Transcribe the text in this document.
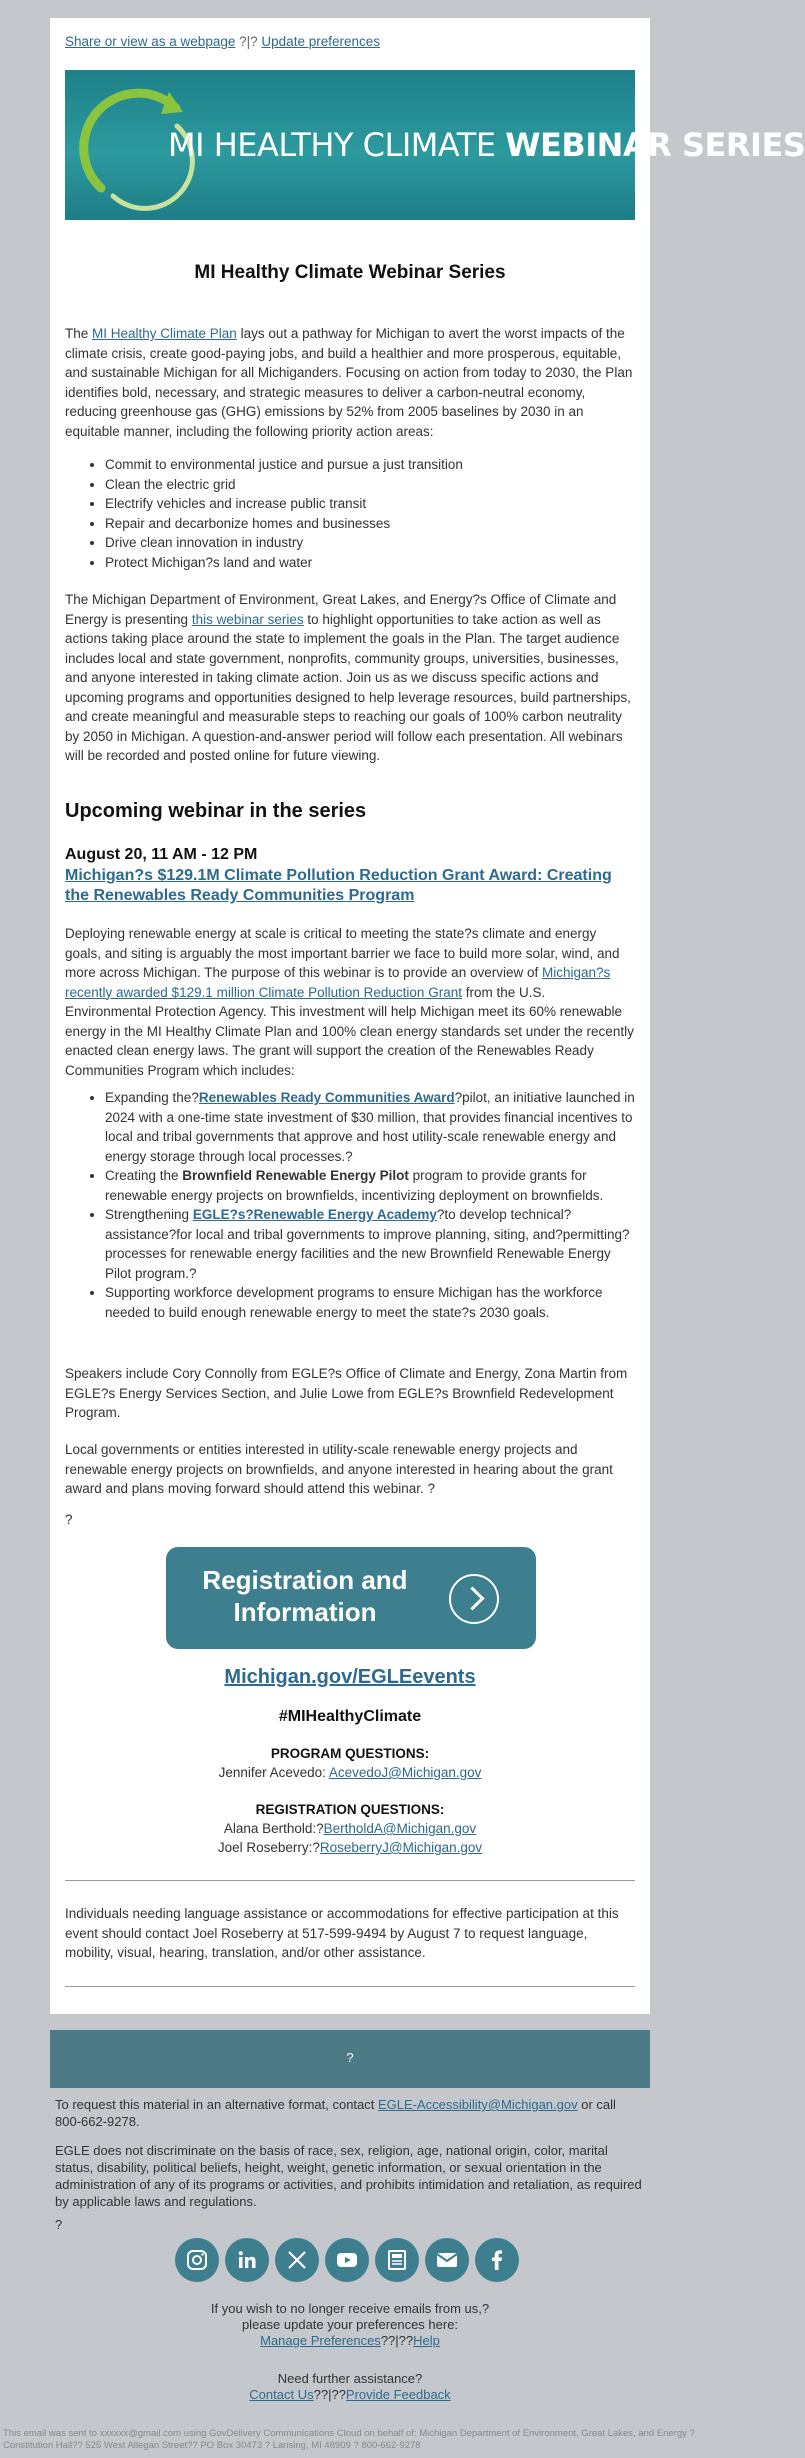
Share or view as a webpage ?|? Update preferences
MI HEALTHY CLIMATE WEBINAR SERIES
MI Healthy Climate Webinar Series
The MI Healthy Climate Plan lays out a pathway for Michigan to avert the worst impacts of the climate crisis, create good-paying jobs, and build a healthier and more prosperous, equitable, and sustainable Michigan for all Michiganders. Focusing on action from today to 2030, the Plan identifies bold, necessary, and strategic measures to deliver a carbon-neutral economy, reducing greenhouse gas (GHG) emissions by 52% from 2005 baselines by 2030 in an equitable manner, including the following priority action areas:
• Commit to environmental justice and pursue a just transition
• Clean the electric grid
• Electrify vehicles and increase public transit
• Repair and decarbonize homes and businesses
• Drive clean innovation in industry
• Protect Michigan?s land and water
The Michigan Department of Environment, Great Lakes, and Energy?s Office of Climate and Energy is presenting this webinar series to highlight opportunities to take action as well as actions taking place around the state to implement the goals in the Plan. The target audience includes local and state government, nonprofits, community groups, universities, businesses, and anyone interested in taking climate action. Join us as we discuss specific actions and upcoming programs and opportunities designed to help leverage resources, build partnerships, and create meaningful and measurable steps to reaching our goals of 100% carbon neutrality by 2050 in Michigan. A question-and-answer period will follow each presentation. All webinars will be recorded and posted online for future viewing.
Upcoming webinar in the series
August 20, 11 AM - 12 PM
Michigan?s $129.1M Climate Pollution Reduction Grant Award: Creating the Renewables Ready Communities Program
Deploying renewable energy at scale is critical to meeting the state?s climate and energy goals, and siting is arguably the most important barrier we face to build more solar, wind, and more across Michigan. The purpose of this webinar is to provide an overview of Michigan?s recently awarded $129.1 million Climate Pollution Reduction Grant from the U.S. Environmental Protection Agency. This investment will help Michigan meet its 60% renewable energy in the MI Healthy Climate Plan and 100% clean energy standards set under the recently enacted clean energy laws. The grant will support the creation of the Renewables Ready Communities Program which includes:
• Expanding the?Renewables Ready Communities Award?pilot, an initiative launched in 2024 with a one-time state investment of $30 million, that provides financial incentives to local and tribal governments that approve and host utility-scale renewable energy and energy storage through local processes.?
• Creating the Brownfield Renewable Energy Pilot program to provide grants for renewable energy projects on brownfields, incentivizing deployment on brownfields.
• Strengthening EGLE?s?Renewable Energy Academy?to develop technical?assistance?for local and tribal governments to improve planning, siting, and?permitting?processes for renewable energy facilities and the new Brownfield Renewable Energy Pilot program.?
• Supporting workforce development programs to ensure Michigan has the workforce needed to build enough renewable energy to meet the state?s 2030 goals.
Speakers include Cory Connolly from EGLE?s Office of Climate and Energy, Zona Martin from EGLE?s Energy Services Section, and Julie Lowe from EGLE?s Brownfield Redevelopment Program.
Local governments or entities interested in utility-scale renewable energy projects and renewable energy projects on brownfields, and anyone interested in hearing about the grant award and plans moving forward should attend this webinar. ?
?
Registration and Information
Michigan.gov/EGLEevents
#MIHealthyClimate
PROGRAM QUESTIONS:
Jennifer Acevedo: AcevedoJ@Michigan.gov
REGISTRATION QUESTIONS:
Alana Berthold:?BertholdA@Michigan.gov
Joel Roseberry:?RoseberryJ@Michigan.gov
Individuals needing language assistance or accommodations for effective participation at this event should contact Joel Roseberry at 517-599-9494 by August 7 to request language, mobility, visual, hearing, translation, and/or other assistance.
?
To request this material in an alternative format, contact EGLE-Accessibility@Michigan.gov or call 800-662-9278.
EGLE does not discriminate on the basis of race, sex, religion, age, national origin, color, marital status, disability, political beliefs, height, weight, genetic information, or sexual orientation in the administration of any of its programs or activities, and prohibits intimidation and retaliation, as required by applicable laws and regulations.
?
If you wish to no longer receive emails from us,?
please update your preferences here:
Manage Preferences??|??Help
Need further assistance?
Contact Us??|??Provide Feedback
This email was sent to xxxxxx@gmail.com using GovDelivery Communications Cloud on behalf of: Michigan Department of Environment, Great Lakes, and Energy ? Constitution Hall?? 525 West Allegan Street?? PO Box 30473 ? Lansing, MI 48909 ? 800-662-9278
